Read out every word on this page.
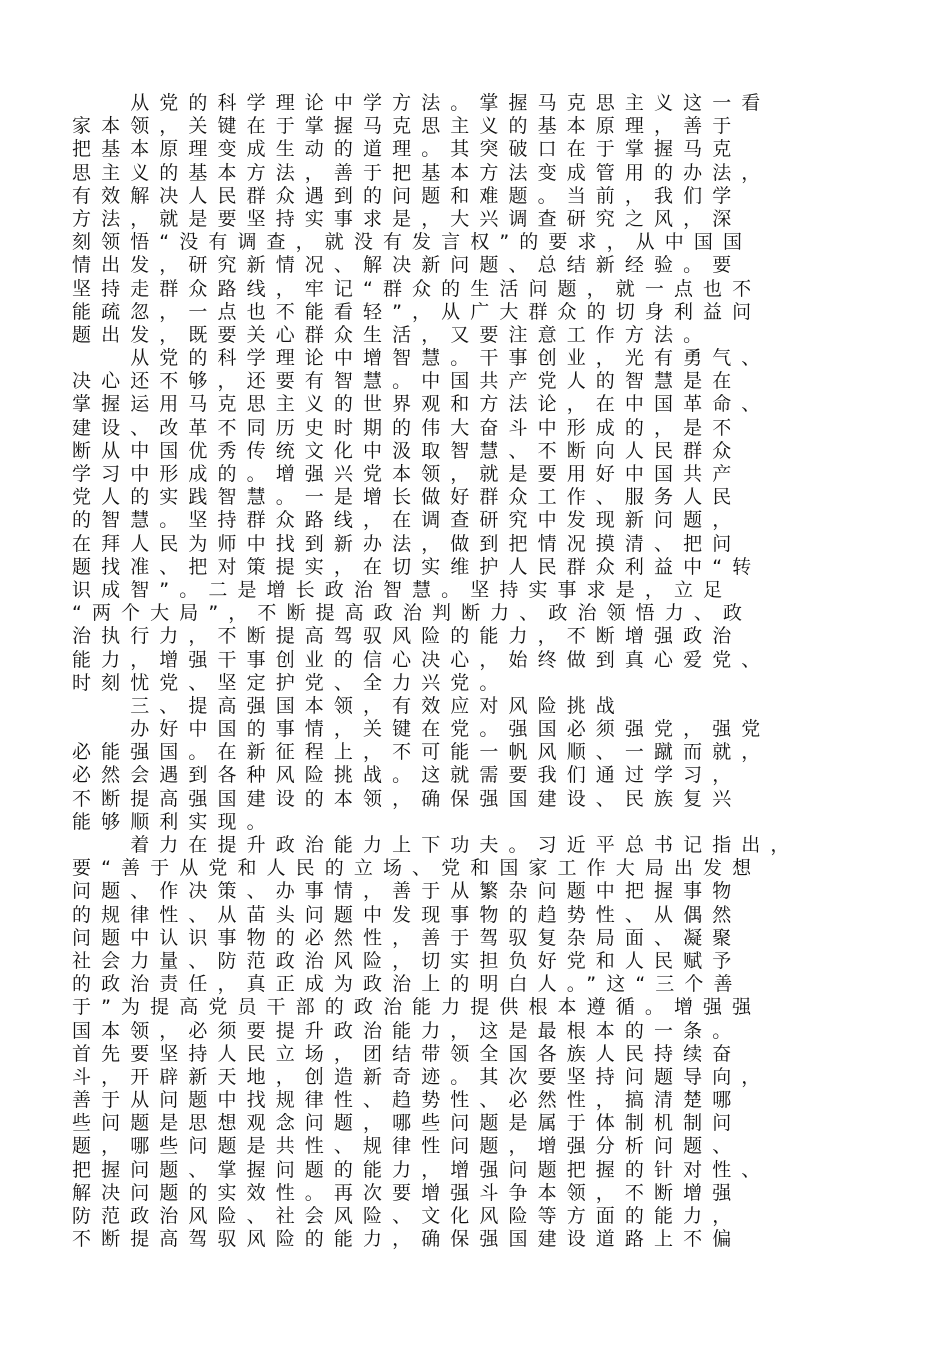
　　从党的科学理论中学方法。掌握马克思主义这一看
家本领，关键在于掌握马克思主义的基本原理，善于
把基本原理变成生动的道理。其突破口在于掌握马克
思主义的基本方法，善于把基本方法变成管用的办法，
有效解决人民群众遇到的问题和难题。当前，我们学
方法，就是要坚持实事求是，大兴调查研究之风，深
刻领悟“没有调查，就没有发言权”的要求，从中国国
情出发，研究新情况、解决新问题、总结新经验。要
坚持走群众路线，牢记“群众的生活问题，就一点也不
能疏忽，一点也不能看轻”，从广大群众的切身利益问
题出发，既要关心群众生活，又要注意工作方法。
　　从党的科学理论中增智慧。干事创业，光有勇气、
决心还不够，还要有智慧。中国共产党人的智慧是在
掌握运用马克思主义的世界观和方法论，在中国革命、
建设、改革不同历史时期的伟大奋斗中形成的，是不
断从中国优秀传统文化中汲取智慧、不断向人民群众
学习中形成的。增强兴党本领，就是要用好中国共产
党人的实践智慧。一是增长做好群众工作、服务人民
的智慧。坚持群众路线，在调查研究中发现新问题，
在拜人民为师中找到新办法，做到把情况摸清、把问
题找准、把对策提实，在切实维护人民群众利益中“转
识成智”。二是增长政治智慧。坚持实事求是，立足
“两个大局”，不断提高政治判断力、政治领悟力、政
治执行力，不断提高驾驭风险的能力，不断增强政治
能力，增强干事创业的信心决心，始终做到真心爱党、
时刻忧党、坚定护党、全力兴党。
　　三、提高强国本领，有效应对风险挑战
　　办好中国的事情，关键在党。强国必须强党，强党
必能强国。在新征程上，不可能一帆风顺、一蹴而就，
必然会遇到各种风险挑战。这就需要我们通过学习，
不断提高强国建设的本领，确保强国建设、民族复兴
能够顺利实现。
　　着力在提升政治能力上下功夫。习近平总书记指出，
要“善于从党和人民的立场、党和国家工作大局出发想
问题、作决策、办事情，善于从繁杂问题中把握事物
的规律性、从苗头问题中发现事物的趋势性、从偶然
问题中认识事物的必然性，善于驾驭复杂局面、凝聚
社会力量、防范政治风险，切实担负好党和人民赋予
的政治责任，真正成为政治上的明白人。”这“三个善
于”为提高党员干部的政治能力提供根本遵循。增强强
国本领，必须要提升政治能力，这是最根本的一条。
首先要坚持人民立场，团结带领全国各族人民持续奋
斗，开辟新天地，创造新奇迹。其次要坚持问题导向，
善于从问题中找规律性、趋势性、必然性，搞清楚哪
些问题是思想观念问题，哪些问题是属于体制机制问
题，哪些问题是共性、规律性问题，增强分析问题、
把握问题、掌握问题的能力，增强问题把握的针对性、
解决问题的实效性。再次要增强斗争本领，不断增强
防范政治风险、社会风险、文化风险等方面的能力，
不断提高驾驭风险的能力，确保强国建设道路上不偏
